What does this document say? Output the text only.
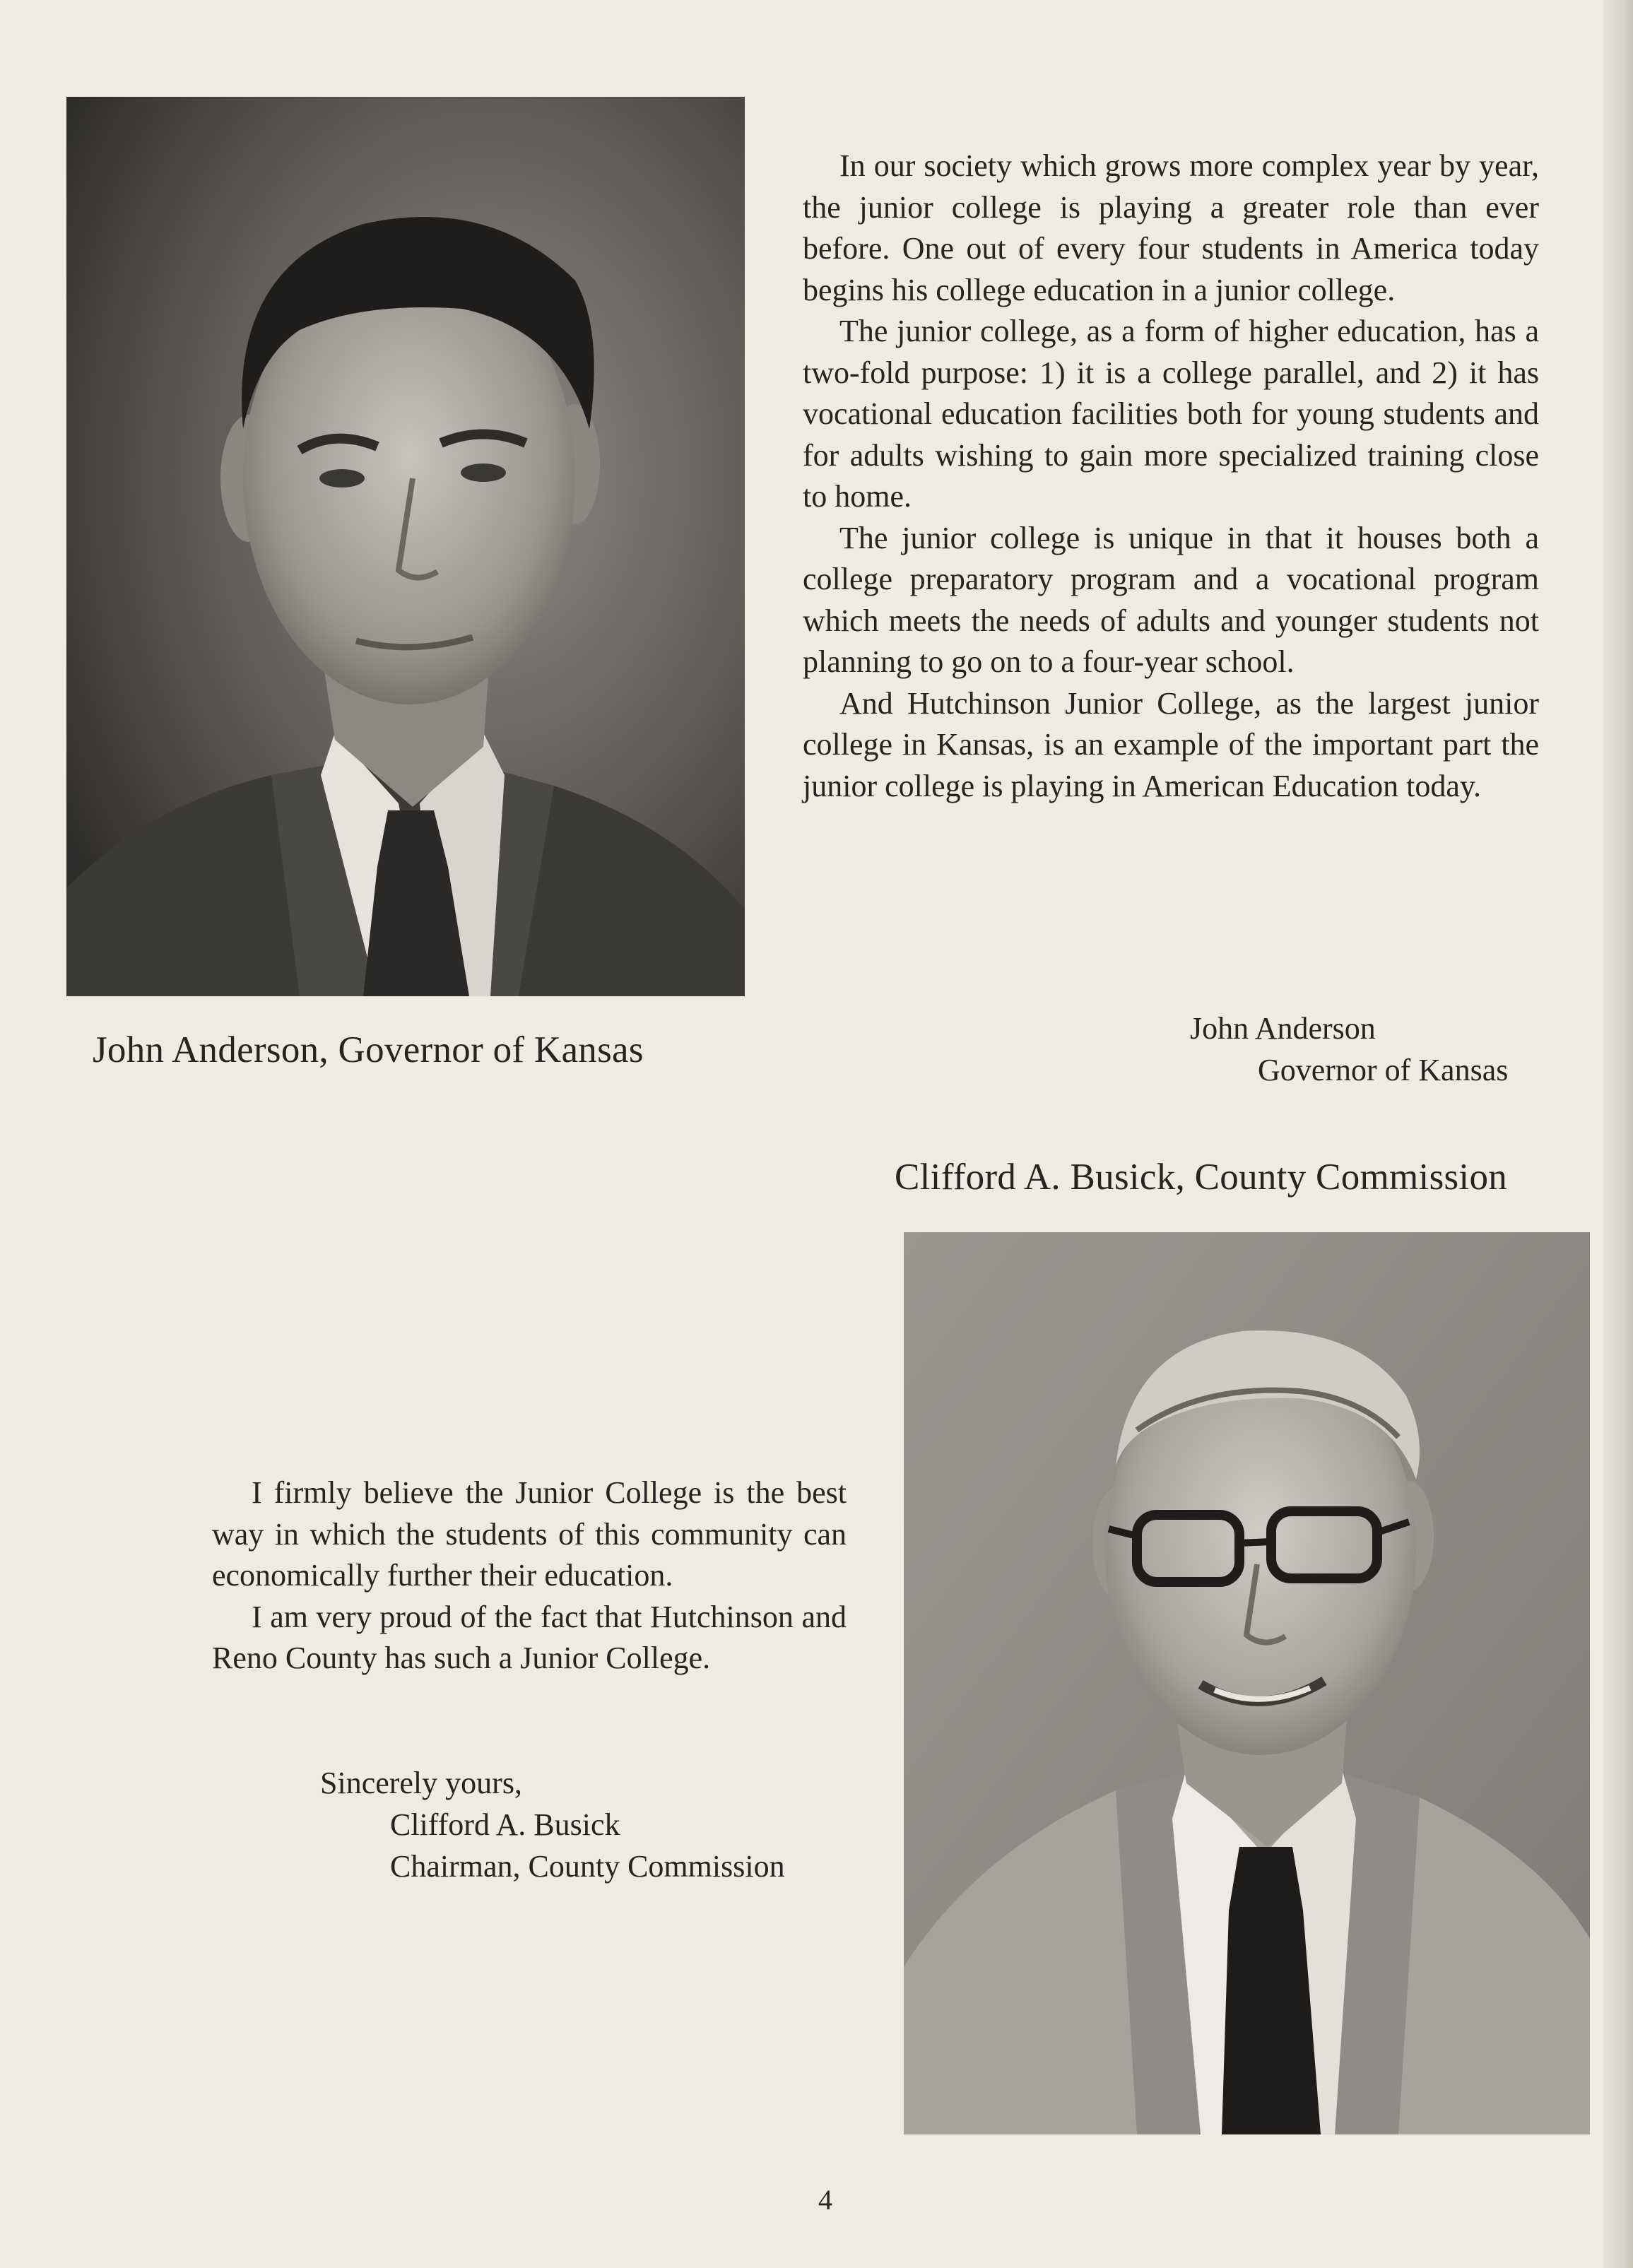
John Anderson, Governor of Kansas

In our society which grows more complex year by year, the junior college is playing a greater role than ever before. One out of every four students in America today begins his college education in a junior college.

The junior college, as a form of higher education, has a two-fold purpose: 1) it is a college parallel, and 2) it has vocational education facilities both for young students and for adults wishing to gain more specialized training close to home.

The junior college is unique in that it houses both a college preparatory program and a vocational program which meets the needs of adults and younger students not planning to go on to a four-year school.

And Hutchinson Junior College, as the largest junior college in Kansas, is an example of the important part the junior college is playing in American Education today.

John Anderson
Governor of Kansas
Clifford A. Busick, County Commission

I firmly believe the Junior College is the best way in which the students of this community can economically further their education.

I am very proud of the fact that Hutchinson and Reno County has such a Junior College.

Sincerely yours,
Clifford A. Busick
Chairman, County Commission
4
